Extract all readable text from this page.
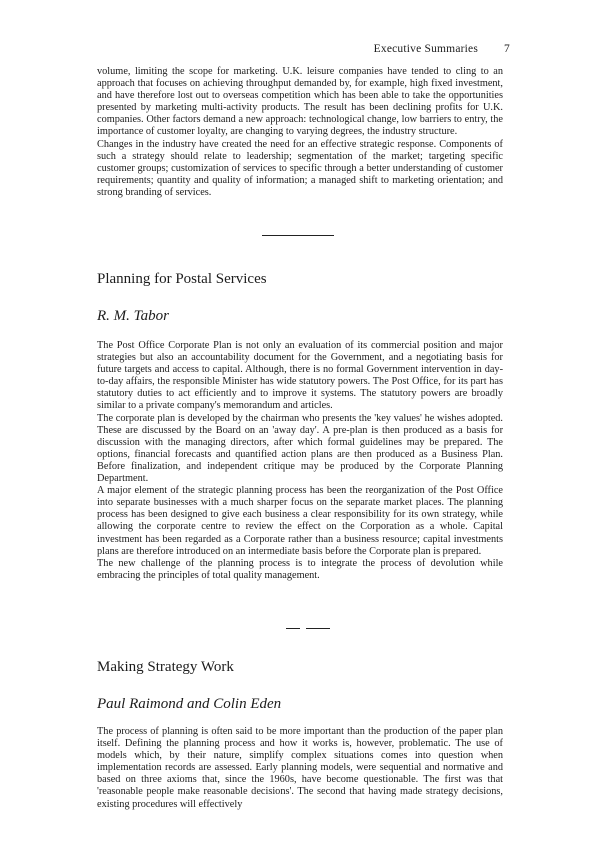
Executive Summaries 7

volume, limiting the scope for marketing. U.K. leisure companies have tended to cling to an approach that focuses on achieving throughput demanded by, for example, high fixed investment, and have therefore lost out to overseas competition which has been able to take the opportunities presented by marketing multi-activity products. The result has been declining profits for U.K. companies. Other factors demand a new approach: technological change, low barriers to entry, the importance of customer loyalty, are changing to varying degrees, the industry structure.

Changes in the industry have created the need for an effective strategic response. Components of such a strategy should relate to leadership; segmentation of the market; targeting specific customer groups; customization of services to specific through a better understanding of customer requirements; quantity and quality of information; a managed shift to marketing orientation; and strong branding of services.

Planning for Postal Services
R. M. Tabor

The Post Office Corporate Plan is not only an evaluation of its commercial position and major strategies but also an accountability document for the Government, and a negotiating basis for future targets and access to capital. Although, there is no formal Government intervention in day-to-day affairs, the responsible Minister has wide statutory powers. The Post Office, for its part has statutory duties to act efficiently and to improve it systems. The statutory powers are broadly similar to a private company's memorandum and articles.

The corporate plan is developed by the chairman who presents the 'key values' he wishes adopted. These are discussed by the Board on an 'away day'. A pre-plan is then produced as a basis for discussion with the managing directors, after which formal guidelines may be prepared. The options, financial forecasts and quantified action plans are then produced as a Business Plan. Before finalization, and independent critique may be produced by the Corporate Planning Department.

A major element of the strategic planning process has been the reorganization of the Post Office into separate businesses with a much sharper focus on the separate market places. The planning process has been designed to give each business a clear responsibility for its own strategy, while allowing the corporate centre to review the effect on the Corporation as a whole. Capital investment has been regarded as a Corporate rather than a business resource; capital investments plans are therefore introduced on an intermediate basis before the Corporate plan is prepared.

The new challenge of the planning process is to integrate the process of devolution while embracing the principles of total quality management.

Making Strategy Work
Paul Raimond and Colin Eden

The process of planning is often said to be more important than the production of the paper plan itself. Defining the planning process and how it works is, however, problematic. The use of models which, by their nature, simplify complex situations comes into question when implementation records are assessed. Early planning models, were sequential and normative and based on three axioms that, since the 1960s, have become questionable. The first was that 'reasonable people make reasonable decisions'. The second that having made strategy decisions, existing procedures will effectively
